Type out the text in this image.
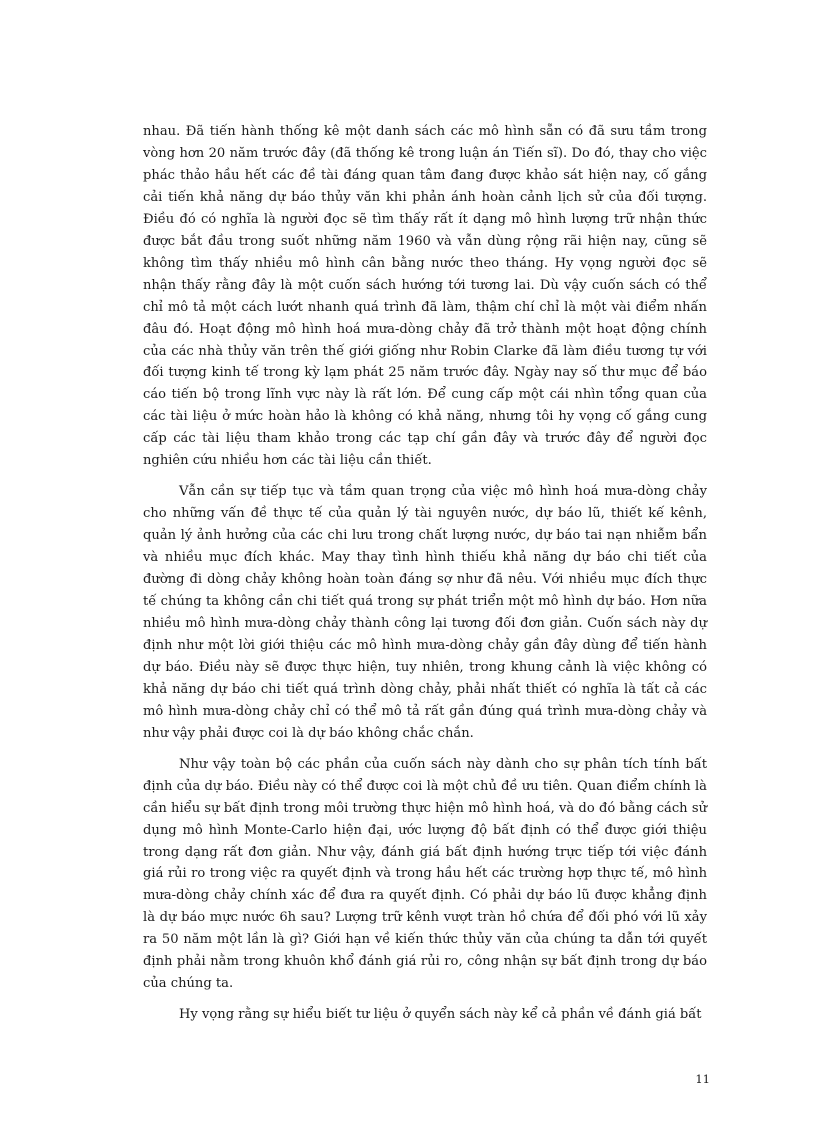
nhau. Đã tiến hành thống kê một danh sách các mô hình sẵn có đã sưu tầm trong vòng hơn 20 năm trước đây (đã thống kê trong luận án Tiến sĩ). Do đó, thay cho việc phác thảo hầu hết các đề tài đáng quan tâm đang được khảo sát hiện nay, cố gắng cải tiến khả năng dự báo thủy văn khi phản ánh hoàn cảnh lịch sử của đối tượng. Điều đó có nghĩa là người đọc sẽ tìm thấy rất ít dạng mô hình lượng trữ nhận thức được bắt đầu trong suốt những năm 1960 và vẫn dùng rộng rãi hiện nay, cũng sẽ không tìm thấy nhiều mô hình cân bằng nước theo tháng. Hy vọng người đọc sẽ nhận thấy rằng đây là một cuốn sách hướng tới tương lai. Dù vậy cuốn sách có thể chỉ mô tả một cách lướt nhanh quá trình đã làm, thậm chí chỉ là một vài điểm nhấn đâu đó. Hoạt động mô hình hoá mưa-dòng chảy đã trở thành một hoạt động chính của các nhà thủy văn trên thế giới giống như Robin Clarke đã làm điều tương tự với đối tượng kinh tế trong kỳ lạm phát 25 năm trước đây. Ngày nay số thư mục để báo cáo tiến bộ trong lĩnh vực này là rất lớn. Để cung cấp một cái nhìn tổng quan của các tài liệu ở mức hoàn hảo là không có khả năng, nhưng tôi hy vọng cố gắng cung cấp các tài liệu tham khảo trong các tạp chí gần đây và trước đây để người đọc nghiên cứu nhiều hơn các tài liệu cần thiết.

Vẫn cần sự tiếp tục và tầm quan trọng của việc mô hình hoá mưa-dòng chảy cho những vấn đề thực tế của quản lý tài nguyên nước, dự báo lũ, thiết kế kênh, quản lý ảnh hưởng của các chi lưu trong chất lượng nước, dự báo tai nạn nhiễm bẩn và nhiều mục đích khác. May thay tình hình thiếu khả năng dự báo chi tiết của đường đi dòng chảy không hoàn toàn đáng sợ như đã nêu. Với nhiều mục đích thực tế chúng ta không cần chi tiết quá trong sự phát triển một mô hình dự báo. Hơn nữa nhiều mô hình mưa-dòng chảy thành công lại tương đối đơn giản. Cuốn sách này dự định như một lời giới thiệu các mô hình mưa-dòng chảy gần đây dùng để tiến hành dự báo. Điều này sẽ được thực hiện, tuy nhiên, trong khung cảnh là việc không có khả năng dự báo chi tiết quá trình dòng chảy, phải nhất thiết có nghĩa là tất cả các mô hình mưa-dòng chảy chỉ có thể mô tả rất gần đúng quá trình mưa-dòng chảy và như vậy phải được coi là dự báo không chắc chắn.

Như vậy toàn bộ các phần của cuốn sách này dành cho sự phân tích tính bất định của dự báo. Điều này có thể được coi là một chủ đề ưu tiên. Quan điểm chính là cần hiểu sự bất định trong môi trường thực hiện mô hình hoá, và do đó bằng cách sử dụng mô hình Monte-Carlo hiện đại, ước lượng độ bất định có thể được giới thiệu trong dạng rất đơn giản. Như vậy, đánh giá bất định hướng trực tiếp tới việc đánh giá rủi ro trong việc ra quyết định và trong hầu hết các trường hợp thực tế, mô hình mưa-dòng chảy chính xác để đưa ra quyết định. Có phải dự báo lũ được khẳng định là dự báo mực nước 6h sau? Lượng trữ kênh vượt tràn hồ chứa để đối phó với lũ xảy ra 50 năm một lần là gì? Giới hạn về kiến thức thủy văn của chúng ta dẫn tới quyết định phải nằm trong khuôn khổ đánh giá rủi ro, công nhận sự bất định trong dự báo của chúng ta.

Hy vọng rằng sự hiểu biết tư liệu ở quyển sách này kể cả phần về đánh giá bất

11
